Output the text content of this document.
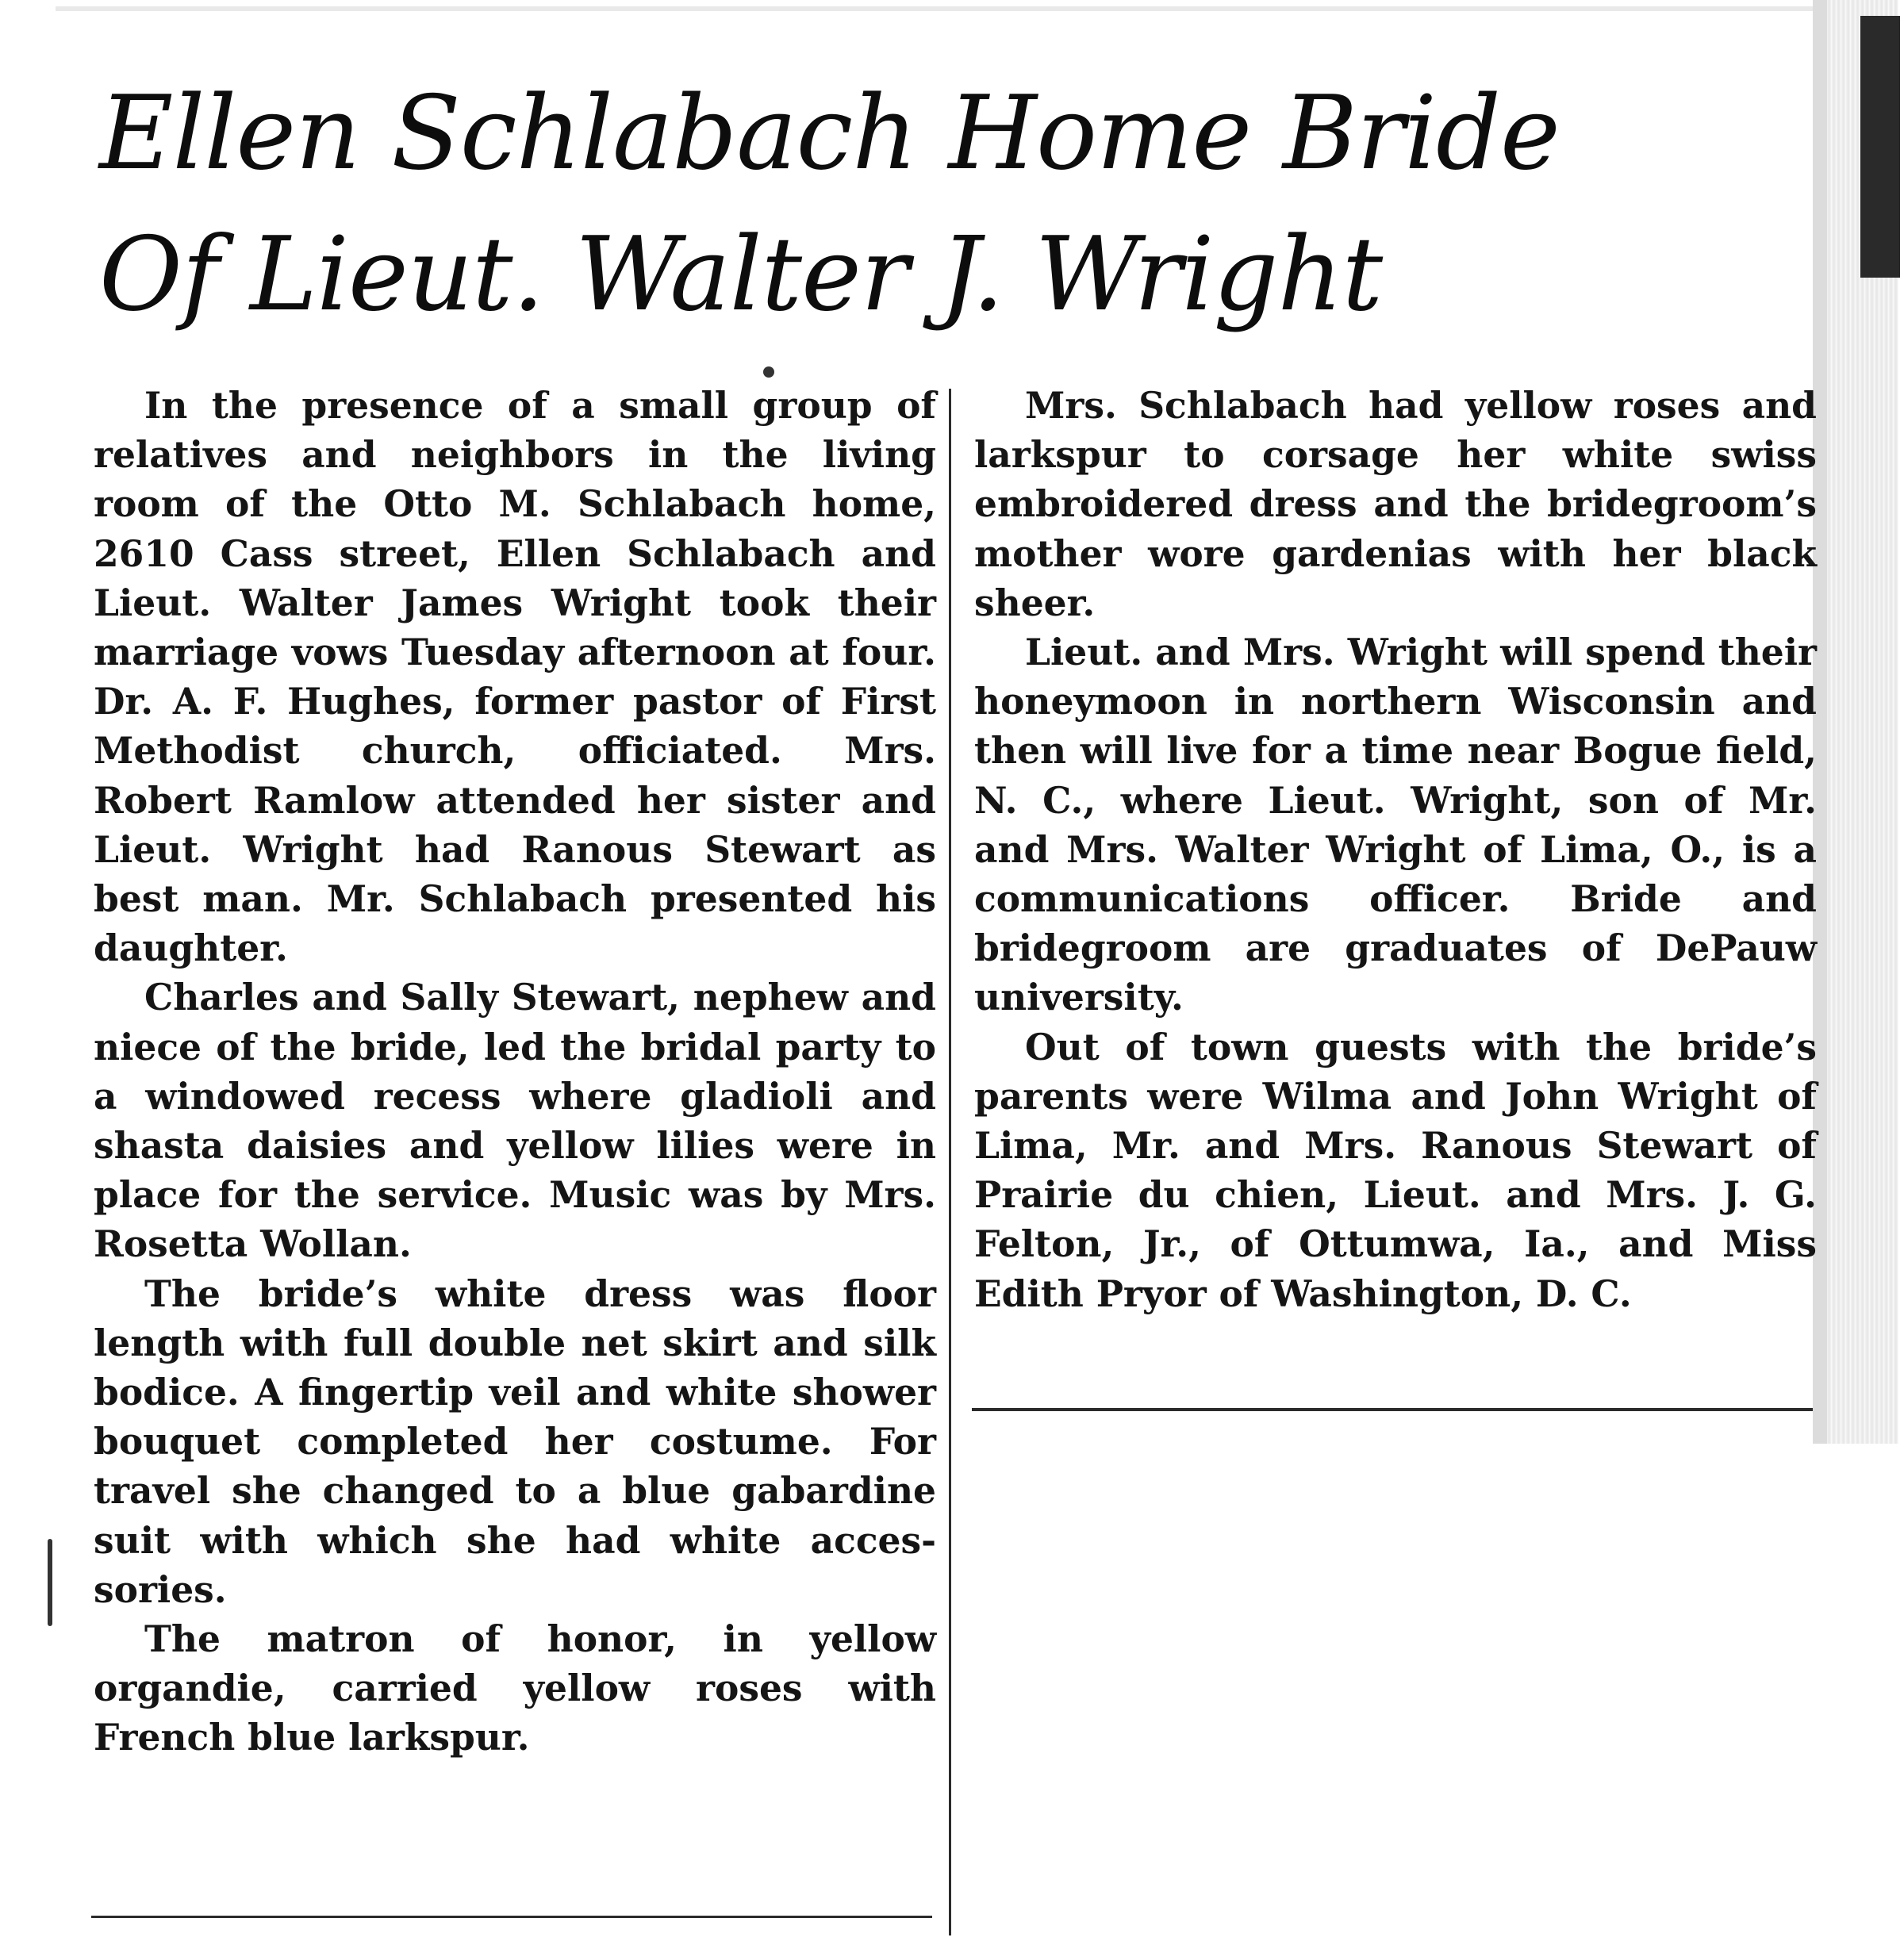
Ellen Schlabach Home Bride
Of Lieut. Walter J. Wright

In the presence of a small group of relatives and neighbors in the living room of the Otto M. Schlabach home, 2610 Cass street, Ellen Schlabach and Lieut. Walter James Wright took their marriage vows Tuesday afternoon at four. Dr. A. F. Hughes, former pastor of First Methodist church, officiated. Mrs. Robert Ramlow attended her sister and Lieut. Wright had Ranous Stewart as best man. Mr. Schlabach presented his daughter.

Charles and Sally Stewart, nephew and niece of the bride, led the bridal party to a windowed recess where gladioli and shasta daisies and yellow lilies were in place for the service. Music was by Mrs. Rosetta Wollan.

The bride’s white dress was floor length with full double net skirt and silk bodice. A fingertip veil and white shower bouquet completed her costume. For travel she changed to a blue gabardine suit with which she had white accessories.

The matron of honor, in yellow organdie, carried yellow roses with French blue larkspur.

Mrs. Schlabach had yellow roses and larkspur to corsage her white swiss embroidered dress and the bridegroom’s mother wore gardenias with her black sheer.

Lieut. and Mrs. Wright will spend their honeymoon in northern Wisconsin and then will live for a time near Bogue field, N. C., where Lieut. Wright, son of Mr. and Mrs. Walter Wright of Lima, O., is a communications officer. Bride and bridegroom are graduates of DePauw university.

Out of town guests with the bride’s parents were Wilma and John Wright of Lima, Mr. and Mrs. Ranous Stewart of Prairie du chien, Lieut. and Mrs. J. G. Felton, Jr., of Ottumwa, Ia., and Miss Edith Pryor of Washington, D. C.
